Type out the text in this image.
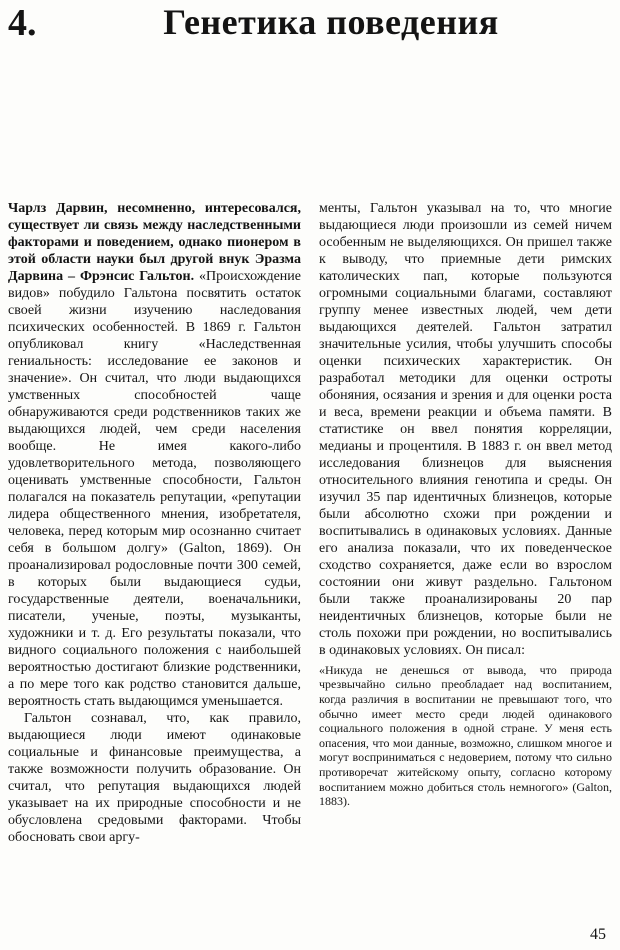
4.	Генетика поведения

Чарлз Дарвин, несомненно, интересовался, существует ли связь между наследственными факторами и поведением, однако пионером в этой области науки был другой внук Эразма Дарвина – Фрэнсис Гальтон. «Происхождение видов» побудило Гальтона посвятить остаток своей жизни изучению наследования психических особенностей. В 1869 г. Гальтон опубликовал книгу «Наследственная гениальность: исследование ее законов и значение». Он считал, что люди выдающихся умственных способностей чаще обнаруживаются среди родственников таких же выдающихся людей, чем среди населения вообще. Не имея какого-либо удовлетворительного метода, позволяющего оценивать умственные способности, Гальтон полагался на показатель репутации, «репутации лидера общественного мнения, изобретателя, человека, перед которым мир осознанно считает себя в большом долгу» (Galton, 1869). Он проанализировал родословные почти 300 семей, в которых были выдающиеся судьи, государственные деятели, военачальники, писатели, ученые, поэты, музыканты, художники и т. д. Его результаты показали, что видного социального положения с наибольшей вероятностью достигают близкие родственники, а по мере того как родство становится дальше, вероятность стать выдающимся уменьшается.

Гальтон сознавал, что, как правило, выдающиеся люди имеют одинаковые социальные и финансовые преимущества, а также возможности получить образование. Он считал, что репутация выдающихся людей указывает на их природные способности и не обусловлена средовыми факторами. Чтобы обосновать свои аргу-

менты, Гальтон указывал на то, что многие выдающиеся люди произошли из семей ничем особенным не выделяющихся. Он пришел также к выводу, что приемные дети римских католических пап, которые пользуются огромными социальными благами, составляют группу менее известных людей, чем дети выдающихся деятелей. Гальтон затратил значительные усилия, чтобы улучшить способы оценки психических характеристик. Он разработал методики для оценки остроты обоняния, осязания и зрения и для оценки роста и веса, времени реакции и объема памяти. В статистике он ввел понятия корреляции, медианы и процентиля. В 1883 г. он ввел метод исследования близнецов для выяснения относительного влияния генотипа и среды. Он изучил 35 пар идентичных близнецов, которые были абсолютно схожи при рождении и воспитывались в одинаковых условиях. Данные его анализа показали, что их поведенческое сходство сохраняется, даже если во взрослом состоянии они живут раздельно. Гальтоном были также проанализированы 20 пар неидентичных близнецов, которые были не столь похожи при рождении, но воспитывались в одинаковых условиях. Он писал:

«Никуда не денешься от вывода, что природа чрезвычайно сильно преобладает над воспитанием, когда различия в воспитании не превышают того, что обычно имеет место среди людей одинакового социального положения в одной стране. У меня есть опасения, что мои данные, возможно, слишком многое и могут восприниматься с недоверием, потому что сильно противоречат житейскому опыту, согласно которому воспитанием можно добиться столь немногого» (Galton, 1883).

45
